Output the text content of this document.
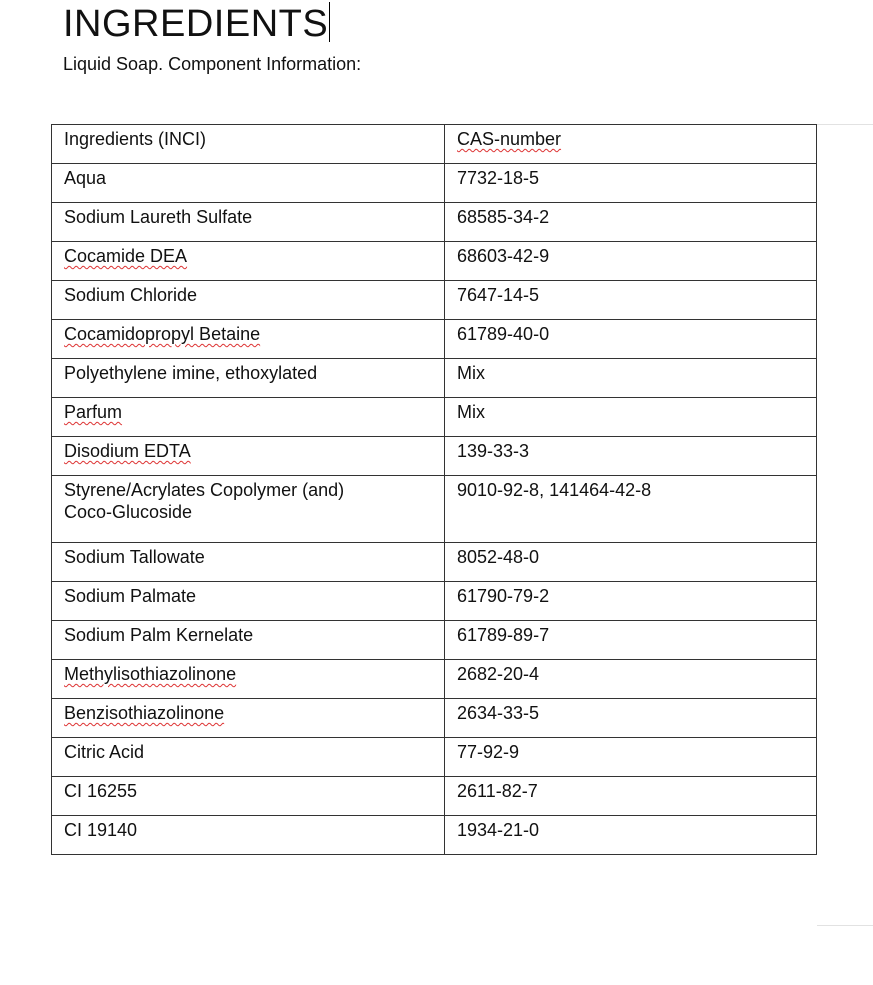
INGREDIENTS
Liquid Soap. Component Information:
Ingredients (INCI)	CAS-number
Aqua	7732-18-5
Sodium Laureth Sulfate	68585-34-2
Cocamide DEA	68603-42-9
Sodium Chloride	7647-14-5
Cocamidopropyl Betaine	61789-40-0
Polyethylene imine, ethoxylated	Mix
Parfum	Mix
Disodium EDTA	139-33-3
Styrene/Acrylates Copolymer (and)
Coco-Glucoside	9010-92-8, 141464-42-8
Sodium Tallowate	8052-48-0
Sodium Palmate	61790-79-2
Sodium Palm Kernelate	61789-89-7
Methylisothiazolinone	2682-20-4
Benzisothiazolinone	2634-33-5
Citric Acid	77-92-9
CI 16255	2611-82-7
CI 19140	1934-21-0
